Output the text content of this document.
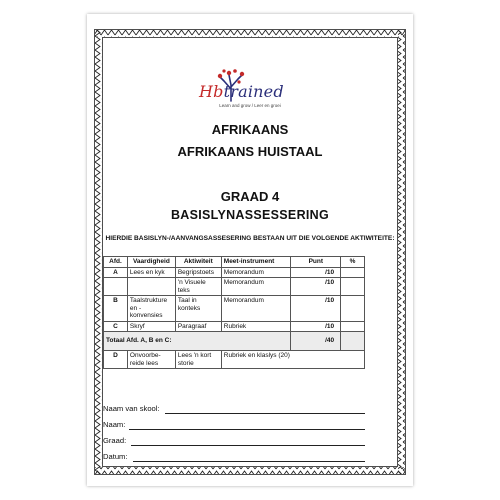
Hbtrained
Learn and grow / Leer en groei
AFRIKAANS
AFRIKAANS HUISTAAL
GRAAD 4
BASISLYNASSESSERING
HIERDIE BASISLYN-/AANVANGSASSESERING BESTAAN UIT DIE VOLGENDE AKTIWITEITE:
Afd.	Vaardigheid	Aktiwiteit	Meet-instrument	Punt	%
A	Lees en kyk	Begripstoets	Memorandum	/10	
		'n Visuele teks	Memorandum	/10	
B	Taalstrukture en -konvensies	Taal in konteks	Memorandum	/10	
C	Skryf	Paragraaf	Rubriek	/10	
Totaal Afd. A, B en C:				/40	
D	Onvoorbe-reide lees	Lees 'n kort storie	Rubriek en klaslys (20)		
Naam van skool:
Naam:
Graad:
Datum:
